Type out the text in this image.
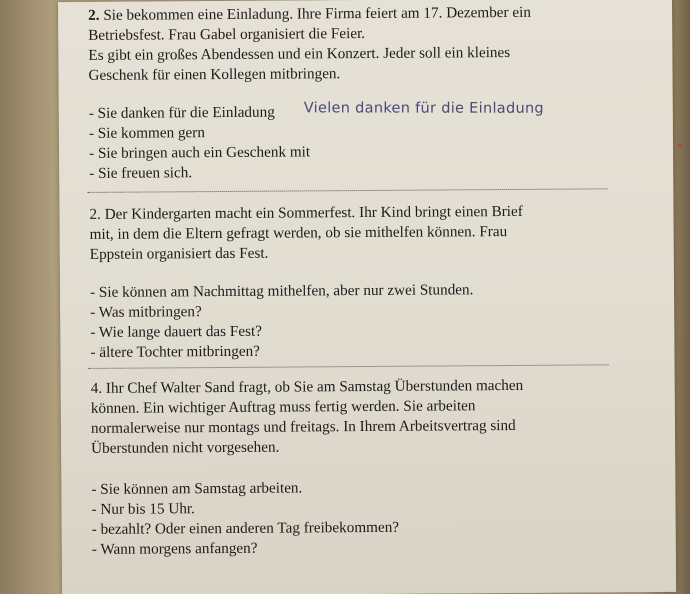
2. Sie bekommen eine Einladung. Ihre Firma feiert am 17. Dezember ein
Betriebsfest. Frau Gabel organisiert die Feier.
Es gibt ein großes Abendessen und ein Konzert. Jeder soll ein kleines
Geschenk für einen Kollegen mitbringen.
- Sie danken für die Einladung
- Sie kommen gern
- Sie bringen auch ein Geschenk mit
- Sie freuen sich.
Vielen danken für die Einladung
2. Der Kindergarten macht ein Sommerfest. Ihr Kind bringt einen Brief
mit, in dem die Eltern gefragt werden, ob sie mithelfen können. Frau
Eppstein organisiert das Fest.
- Sie können am Nachmittag mithelfen, aber nur zwei Stunden.
- Was mitbringen?
- Wie lange dauert das Fest?
- ältere Tochter mitbringen?
4. Ihr Chef Walter Sand fragt, ob Sie am Samstag Überstunden machen
können. Ein wichtiger Auftrag muss fertig werden. Sie arbeiten
normalerweise nur montags und freitags. In Ihrem Arbeitsvertrag sind
Überstunden nicht vorgesehen.
- Sie können am Samstag arbeiten.
- Nur bis 15 Uhr.
- bezahlt? Oder einen anderen Tag freibekommen?
- Wann morgens anfangen?
